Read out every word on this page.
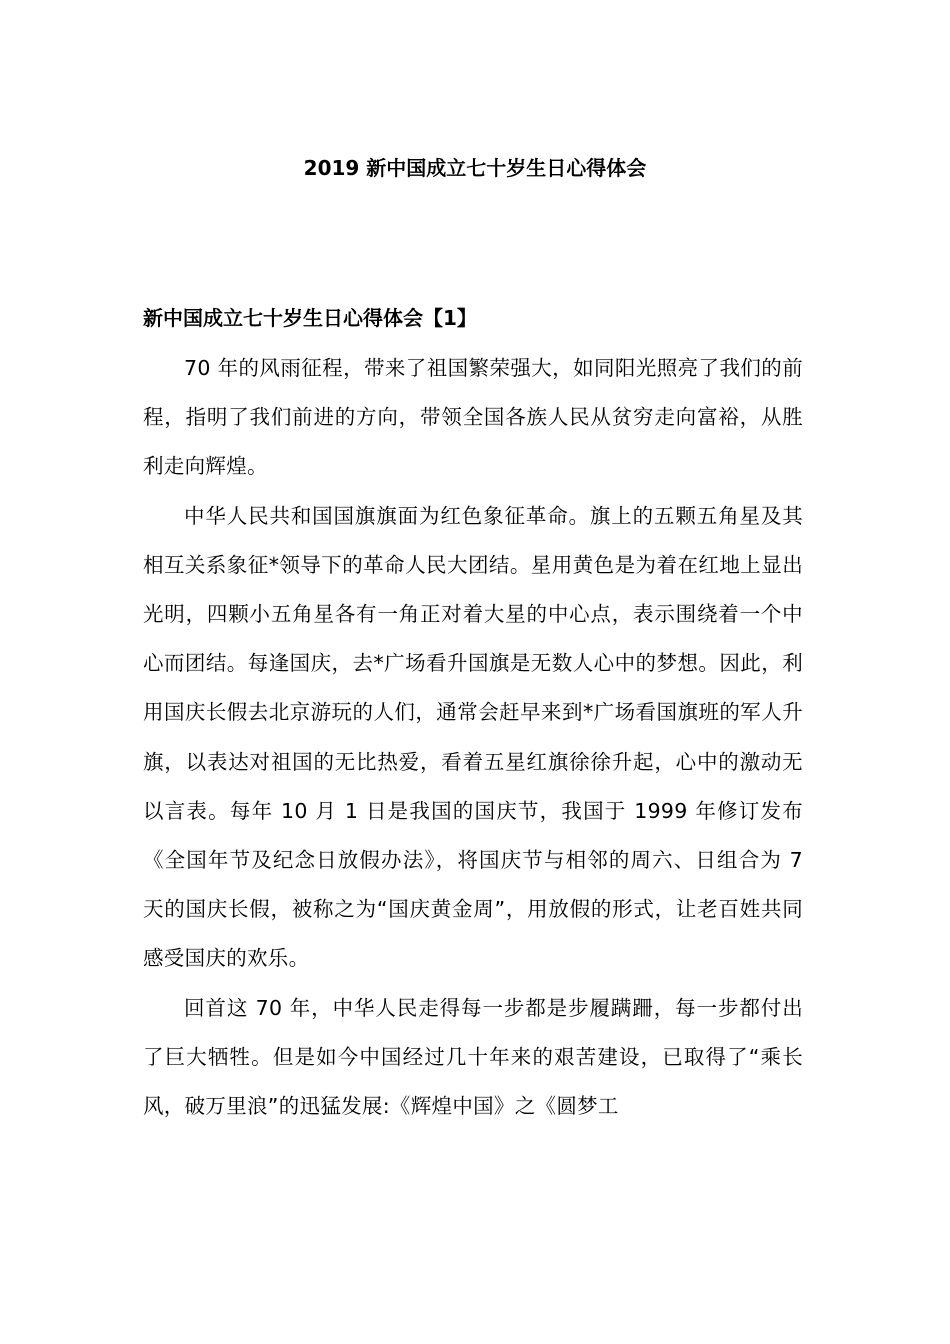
2019 新中国成立七十岁生日心得体会
新中国成立七十岁生日心得体会【1】

70 年的风雨征程，带来了祖国繁荣强大，如同阳光照亮了我们的前程，指明了我们前进的方向，带领全国各族人民从贫穷走向富裕，从胜利走向辉煌。

中华人民共和国国旗旗面为红色象征革命。旗上的五颗五角星及其相互关系象征*领导下的革命人民大团结。星用黄色是为着在红地上显出光明，四颗小五角星各有一角正对着大星的中心点，表示围绕着一个中心而团结。每逢国庆，去*广场看升国旗是无数人心中的梦想。因此，利用国庆长假去北京游玩的人们，通常会赶早来到*广场看国旗班的军人升旗，以表达对祖国的无比热爱，看着五星红旗徐徐升起，心中的激动无以言表。每年 10 月 1 日是我国的国庆节，我国于 1999 年修订发布《全国年节及纪念日放假办法》，将国庆节与相邻的周六、日组合为 7 天的国庆长假，被称之为“国庆黄金周”，用放假的形式，让老百姓共同感受国庆的欢乐。

回首这 70 年，中华人民走得每一步都是步履蹒跚，每一步都付出了巨大牺牲。但是如今中国经过几十年来的艰苦建设，已取得了“乘长风，破万里浪”的迅猛发展:《辉煌中国》之《圆梦工
